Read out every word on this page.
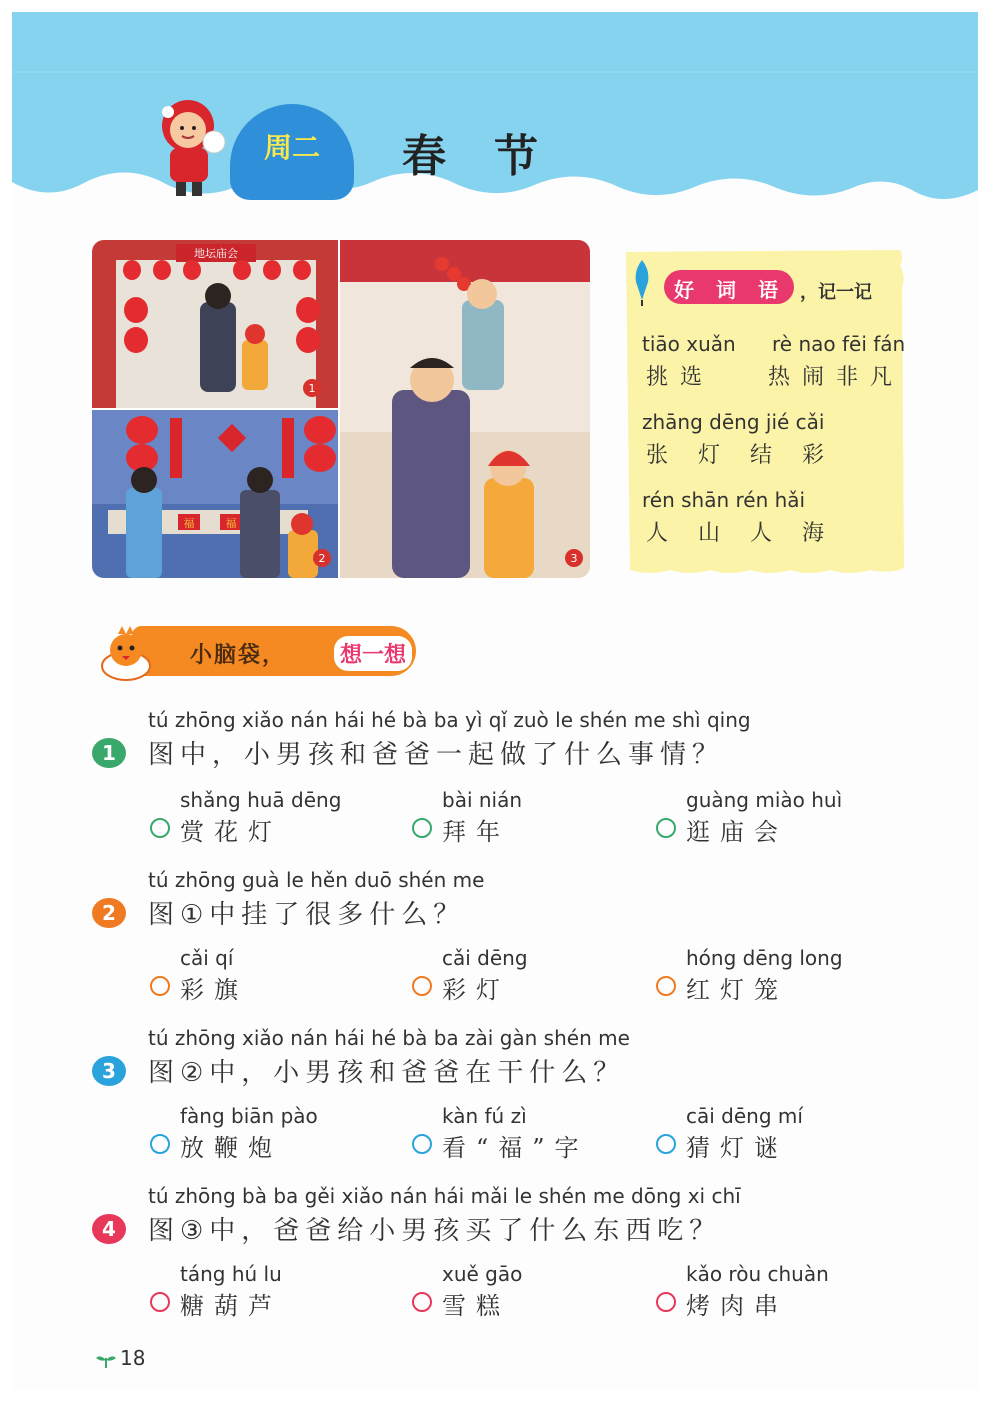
周二	春节
地坛庙会
1
福	福
2	3
好 词 语 ，记一记
tiāo xuǎn
挑选
rè nao fēi fán
热闹非凡
zhāng dēng jié cǎi
张灯结彩
rén shān rén hǎi
人山人海
小脑袋， 想一想
tú zhōng xiǎo nán hái hé bà ba yì qǐ zuò le shén me shì qing
1	图中，小男孩和爸爸一起做了什么事情？
shǎng huā dēng
赏花灯
bài nián
拜年
guàng miào huì
逛庙会
tú zhōng guà le hěn duō shén me
2	图①中挂了很多什么？
cǎi qí
彩旗
cǎi dēng
彩灯
hóng dēng long
红灯笼
tú zhōng xiǎo nán hái hé bà ba zài gàn shén me
3	图②中，小男孩和爸爸在干什么？
fàng biān pào
放鞭炮
kàn fú zì
看“福”字
cāi dēng mí
猜灯谜
tú zhōng bà ba gěi xiǎo nán hái mǎi le shén me dōng xi chī
4	图③中，爸爸给小男孩买了什么东西吃？
táng hú lu
糖葫芦
xuě gāo
雪糕
kǎo ròu chuàn
烤肉串
18
